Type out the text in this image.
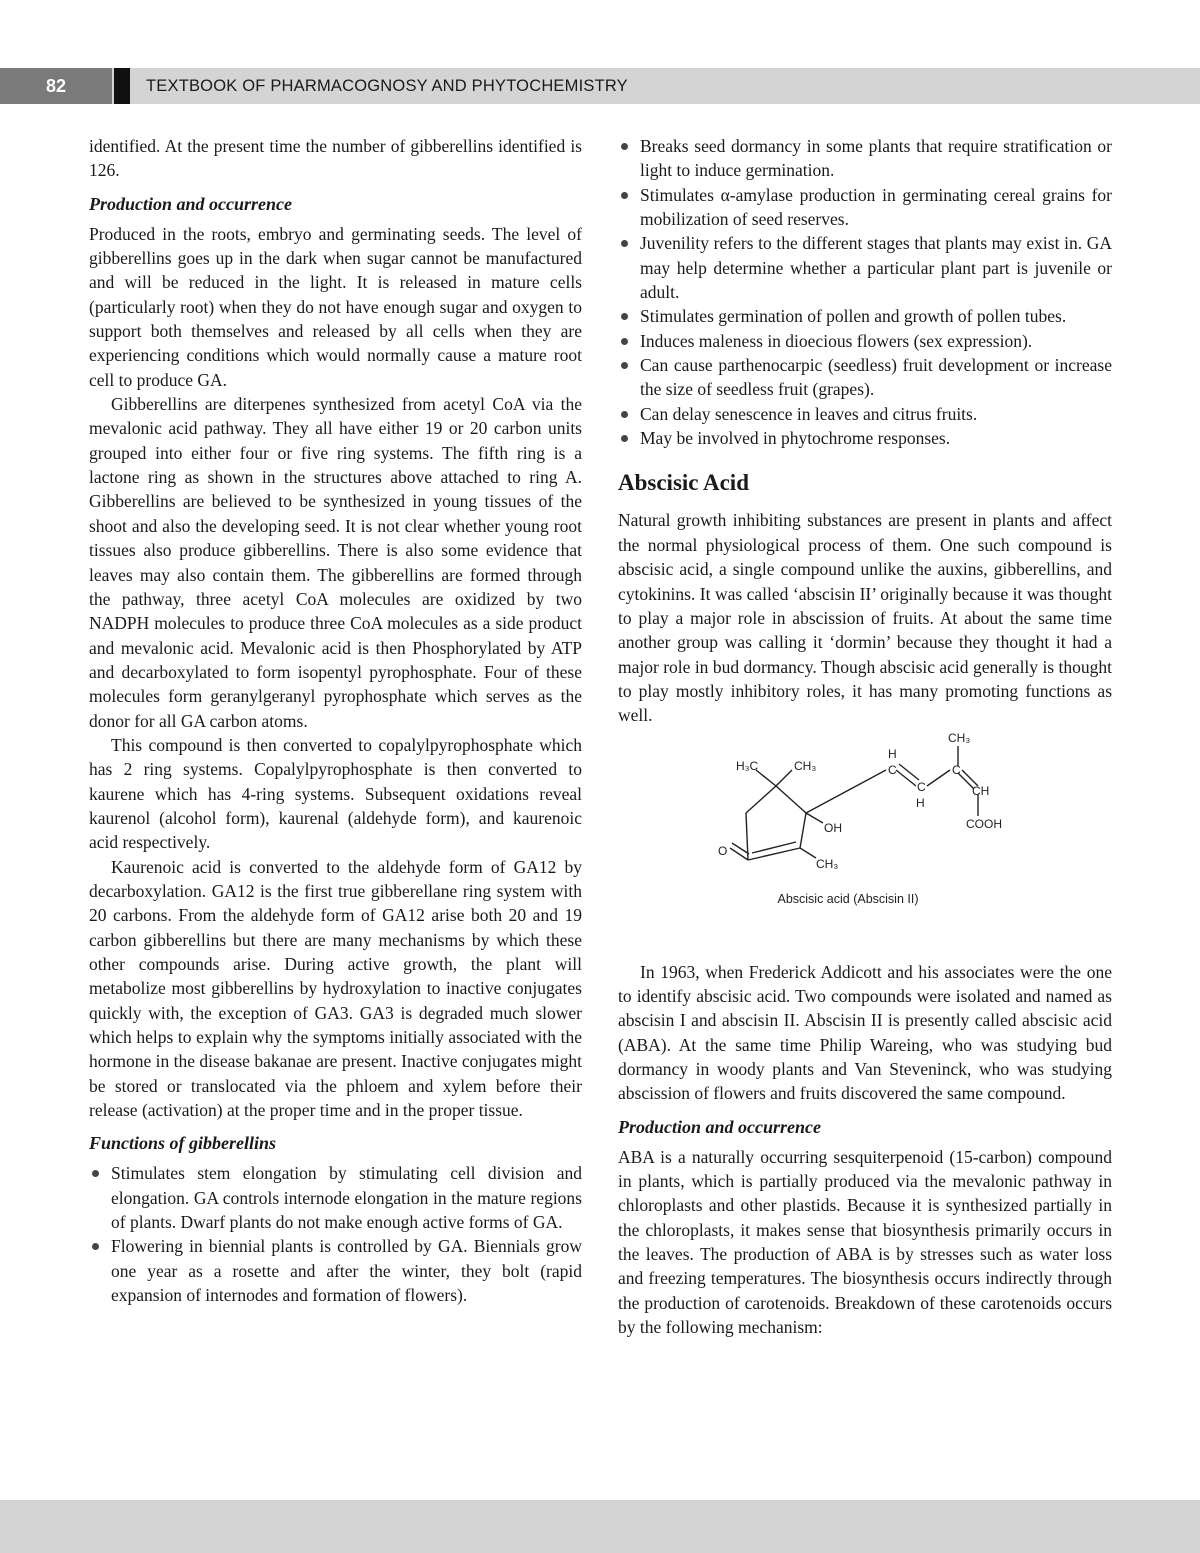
82	TEXTBOOK OF PHARMACOGNOSY AND PHYTOCHEMISTRY

identified. At the present time the number of gibberellins identified is 126.

Production and occurrence

Produced in the roots, embryo and germinating seeds. The level of gibberellins goes up in the dark when sugar cannot be manufactured and will be reduced in the light. It is released in mature cells (particularly root) when they do not have enough sugar and oxygen to support both themselves and released by all cells when they are experiencing conditions which would normally cause a mature root cell to produce GA.

Gibberellins are diterpenes synthesized from acetyl CoA via the mevalonic acid pathway. They all have either 19 or 20 carbon units grouped into either four or five ring systems. The fifth ring is a lactone ring as shown in the structures above attached to ring A. Gibberellins are believed to be synthesized in young tissues of the shoot and also the developing seed. It is not clear whether young root tissues also produce gibberellins. There is also some evidence that leaves may also contain them. The gibberellins are formed through the pathway, three acetyl CoA molecules are oxidized by two NADPH molecules to produce three CoA molecules as a side product and mevalonic acid. Mevalonic acid is then Phosphorylated by ATP and decarboxylated to form isopentyl pyrophosphate. Four of these molecules form geranylgeranyl pyrophosphate which serves as the donor for all GA carbon atoms.

This compound is then converted to copalylpyrophosphate which has 2 ring systems. Copalylpyrophosphate is then converted to kaurene which has 4-ring systems. Subsequent oxidations reveal kaurenol (alcohol form), kaurenal (aldehyde form), and kaurenoic acid respectively.

Kaurenoic acid is converted to the aldehyde form of GA12 by decarboxylation. GA12 is the first true gibberellane ring system with 20 carbons. From the aldehyde form of GA12 arise both 20 and 19 carbon gibberellins but there are many mechanisms by which these other compounds arise. During active growth, the plant will metabolize most gibberellins by hydroxylation to inactive conjugates quickly with, the exception of GA3. GA3 is degraded much slower which helps to explain why the symptoms initially associated with the hormone in the disease bakanae are present. Inactive conjugates might be stored or translocated via the phloem and xylem before their release (activation) at the proper time and in the proper tissue.

Functions of gibberellins
Stimulates stem elongation by stimulating cell division and elongation. GA controls internode elongation in the mature regions of plants. Dwarf plants do not make enough active forms of GA.
Flowering in biennial plants is controlled by GA. Biennials grow one year as a rosette and after the winter, they bolt (rapid expansion of internodes and formation of flowers).
Breaks seed dormancy in some plants that require stratification or light to induce germination.
Stimulates α-amylase production in germinating cereal grains for mobilization of seed reserves.
Juvenility refers to the different stages that plants may exist in. GA may help determine whether a particular plant part is juvenile or adult.
Stimulates germination of pollen and growth of pollen tubes.
Induces maleness in dioecious flowers (sex expression).
Can cause parthenocarpic (seedless) fruit development or increase the size of seedless fruit (grapes).
Can delay senescence in leaves and citrus fruits.
May be involved in phytochrome responses.
Abscisic Acid

Natural growth inhibiting substances are present in plants and affect the normal physiological process of them. One such compound is abscisic acid, a single compound unlike the auxins, gibberellins, and cytokinins. It was called ‘abscisin II’ originally because it was thought to play a major role in abscission of fruits. At about the same time another group was calling it ‘dormin’ because they thought it had a major role in bud dormancy. Though abscisic acid generally is thought to play mostly inhibitory roles, it has many promoting functions as well.

H₃C	CH₃
CH₃
H
C
C
H
C
CH
COOH
OH
O
CH₃
Abscisic acid (Abscisin II)

In 1963, when Frederick Addicott and his associates were the one to identify abscisic acid. Two compounds were isolated and named as abscisin I and abscisin II. Abscisin II is presently called abscisic acid (ABA). At the same time Philip Wareing, who was studying bud dormancy in woody plants and Van Steveninck, who was studying abscission of flowers and fruits discovered the same compound.

Production and occurrence

ABA is a naturally occurring sesquiterpenoid (15-carbon) compound in plants, which is partially produced via the mevalonic pathway in chloroplasts and other plastids. Because it is synthesized partially in the chloroplasts, it makes sense that biosynthesis primarily occurs in the leaves. The production of ABA is by stresses such as water loss and freezing temperatures. The biosynthesis occurs indirectly through the production of carotenoids. Breakdown of these carotenoids occurs by the following mechanism:
